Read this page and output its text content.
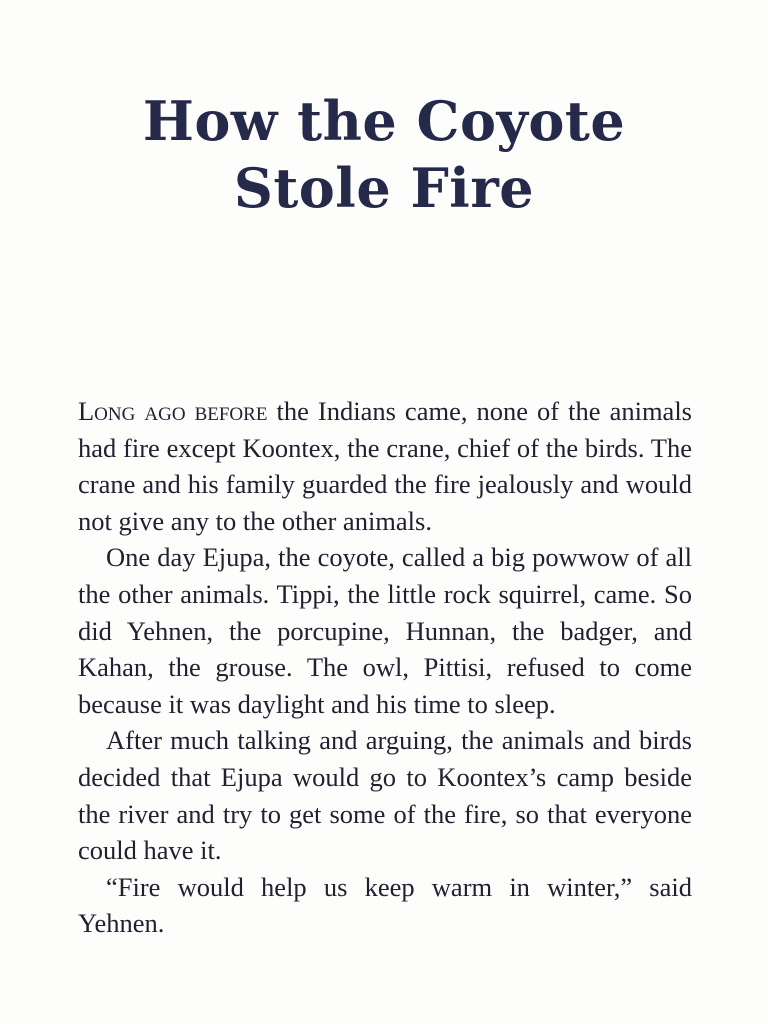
How the Coyote
Stole Fire

Long ago before the Indians came, none of the animals had fire except Koontex, the crane, chief of the birds. The crane and his family guarded the fire jealously and would not give any to the other animals.

One day Ejupa, the coyote, called a big powwow of all the other animals. Tippi, the little rock squirrel, came. So did Yehnen, the porcupine, Hunnan, the badger, and Kahan, the grouse. The owl, Pittisi, refused to come because it was daylight and his time to sleep.

After much talking and arguing, the animals and birds decided that Ejupa would go to Koontex’s camp beside the river and try to get some of the fire, so that everyone could have it.

“Fire would help us keep warm in winter,” said Yehnen.
